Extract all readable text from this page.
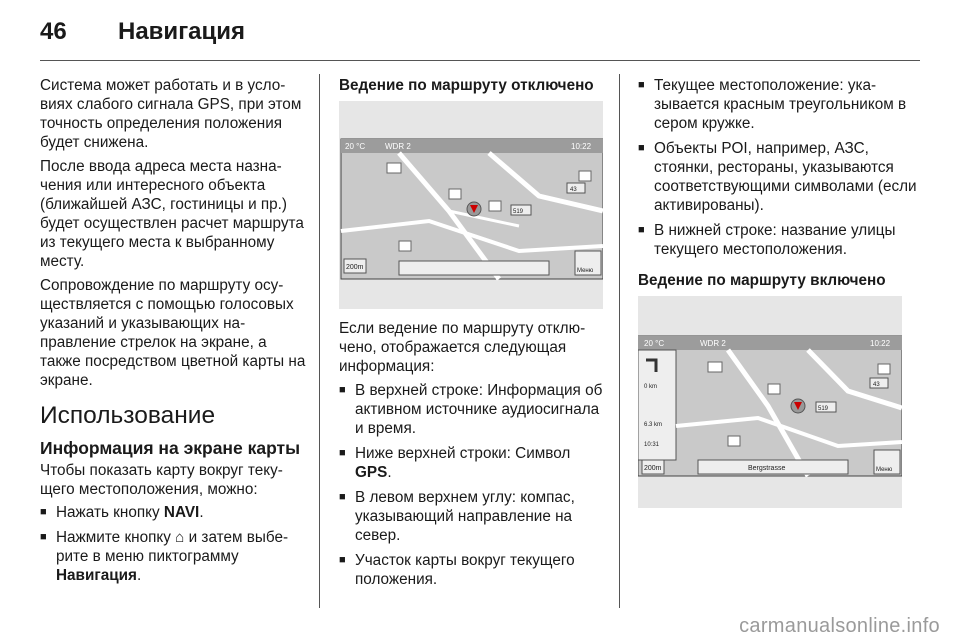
46 Навигация

Система может работать и в условиях слабого сигнала GPS, при этом точность определения положения будет снижена.

После ввода адреса места назначения или интересного объекта (ближайшей АЗС, гостиницы и пр.) будет осуществлен расчет маршрута из текущего места к выбранному месту.

Сопровождение по маршруту осуществляется с помощью голосовых указаний и указывающих направление стрелок на экране, а также посредством цветной карты на экране.

Использование
Информация на экране карты

Чтобы показать карту вокруг текущего местоположения, можно:

■ Нажать кнопку NAVI.
■ Нажмите кнопку ⌂ и затем выберите в меню пиктограмму Навигация.
Ведение по маршруту отключено
20 °C WDR 2	10:22
200m	Меню
519
43

Если ведение по маршруту отключено, отображается следующая информация:

■ В верхней строке: Информация об активном источнике аудиосигнала и время.
■ Ниже верхней строки: Символ GPS.
■ В левом верхнем углу: компас, указывающий направление на север.
■ Участок карты вокруг текущего положения.
■ Текущее местоположение: указывается красным треугольником в сером кружке.
■ Объекты POI, например, АЗС, стоянки, рестораны, указываются соответствующими символами (если активированы).
■ В нижней строке: название улицы текущего местоположения.
Ведение по маршруту включено
20 °C	WDR 2	10:22
0 km
6.3 km
10:31
200m	Bergstrasse	Меню
519
43
carmanualsonline.info
